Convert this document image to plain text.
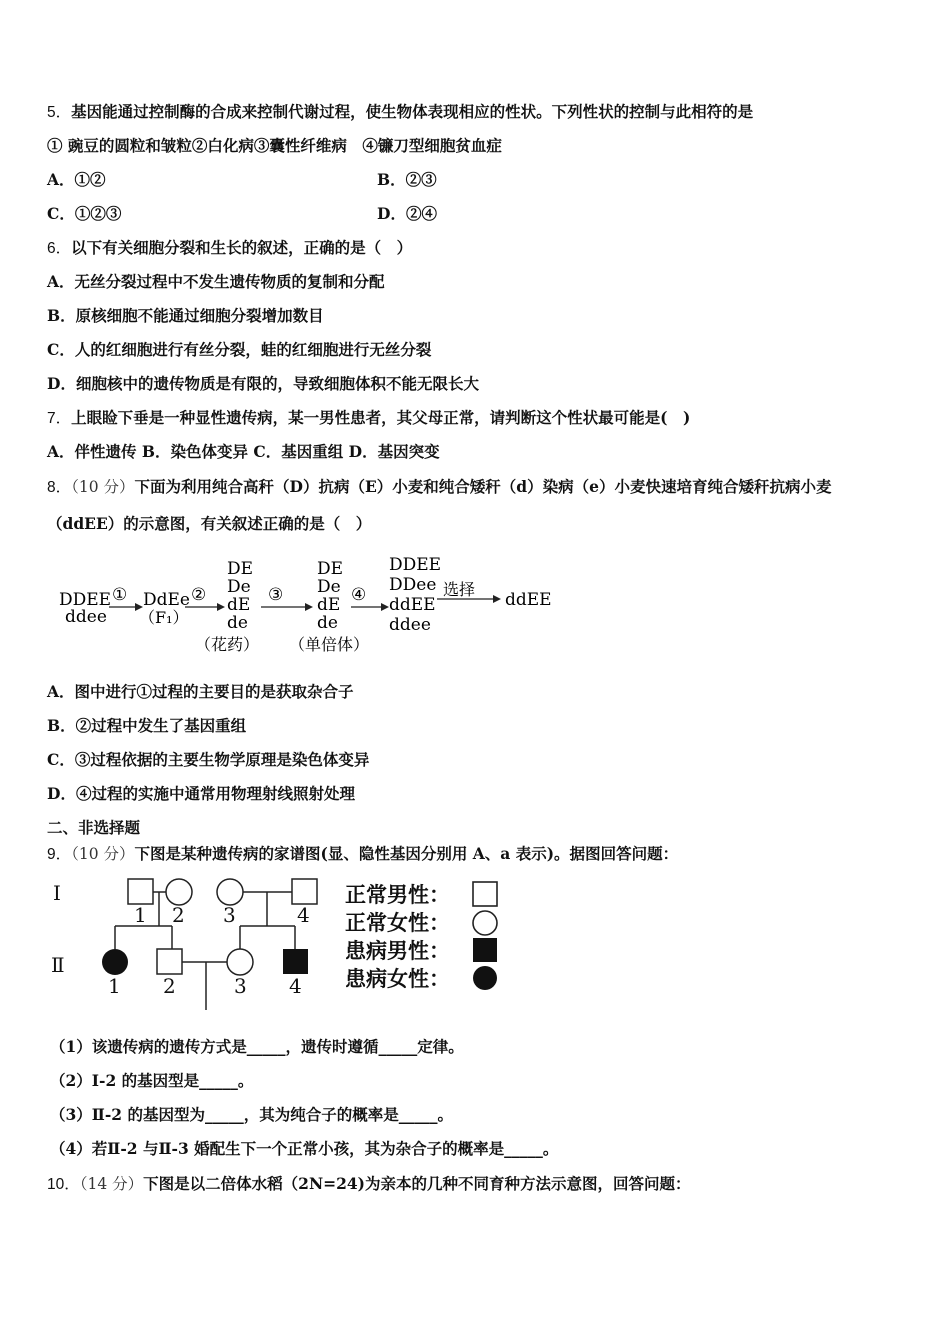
5．基因能通过控制酶的合成来控制代谢过程，使生物体表现相应的性状。下列性状的控制与此相符的是
① 豌豆的圆粒和皱粒②白化病③囊性纤维病　④镰刀型细胞贫血症
A．①②	B．②③
C．①②③	D．②④
6．以下有关细胞分裂和生长的叙述，正确的是（　）
A．无丝分裂过程中不发生遗传物质的复制和分配
B．原核细胞不能通过细胞分裂增加数目
C．人的红细胞进行有丝分裂，蛙的红细胞进行无丝分裂
D．细胞核中的遗传物质是有限的，导致细胞体积不能无限长大
7．上眼睑下垂是一种显性遗传病，某一男性患者，其父母正常，请判断这个性状最可能是(　)
A．伴性遗传 B．染色体变异 C．基因重组 D．基因突变
8．（10 分）下面为利用纯合高秆（D）抗病（E）小麦和纯合矮秆（d）染病（e）小麦快速培育纯合矮秆抗病小麦
（ddEE）的示意图，有关叙述正确的是（　）
DDEE
ddee
① DdEe
（F₁）
②
DE
De
dE
de
（花药）
③
DE
De
dE
de
（单倍体）
④
DDEE
DDee
ddEE
ddee
选择
ddEE
A．图中进行①过程的主要目的是获取杂合子
B．②过程中发生了基因重组
C．③过程依据的主要生物学原理是染色体变异
D．④过程的实施中通常用物理射线照射处理
二、非选择题
9．（10 分）下图是某种遗传病的家谱图(显、隐性基因分别用 A、a 表示)。据图回答问题：
Ⅰ
Ⅱ
1 2 3	4
1 2	3 4
正常男性：
正常女性：
患病男性：
患病女性：
（1）该遗传病的遗传方式是_____，遗传时遵循_____定律。
（2）Ⅰ-2 的基因型是_____。
（3）Ⅱ-2 的基因型为_____，其为纯合子的概率是_____。
（4）若Ⅱ-2 与Ⅱ-3 婚配生下一个正常小孩，其为杂合子的概率是_____。
10．（14 分）下图是以二倍体水稻（2N=24)为亲本的几种不同育种方法示意图，回答问题：
